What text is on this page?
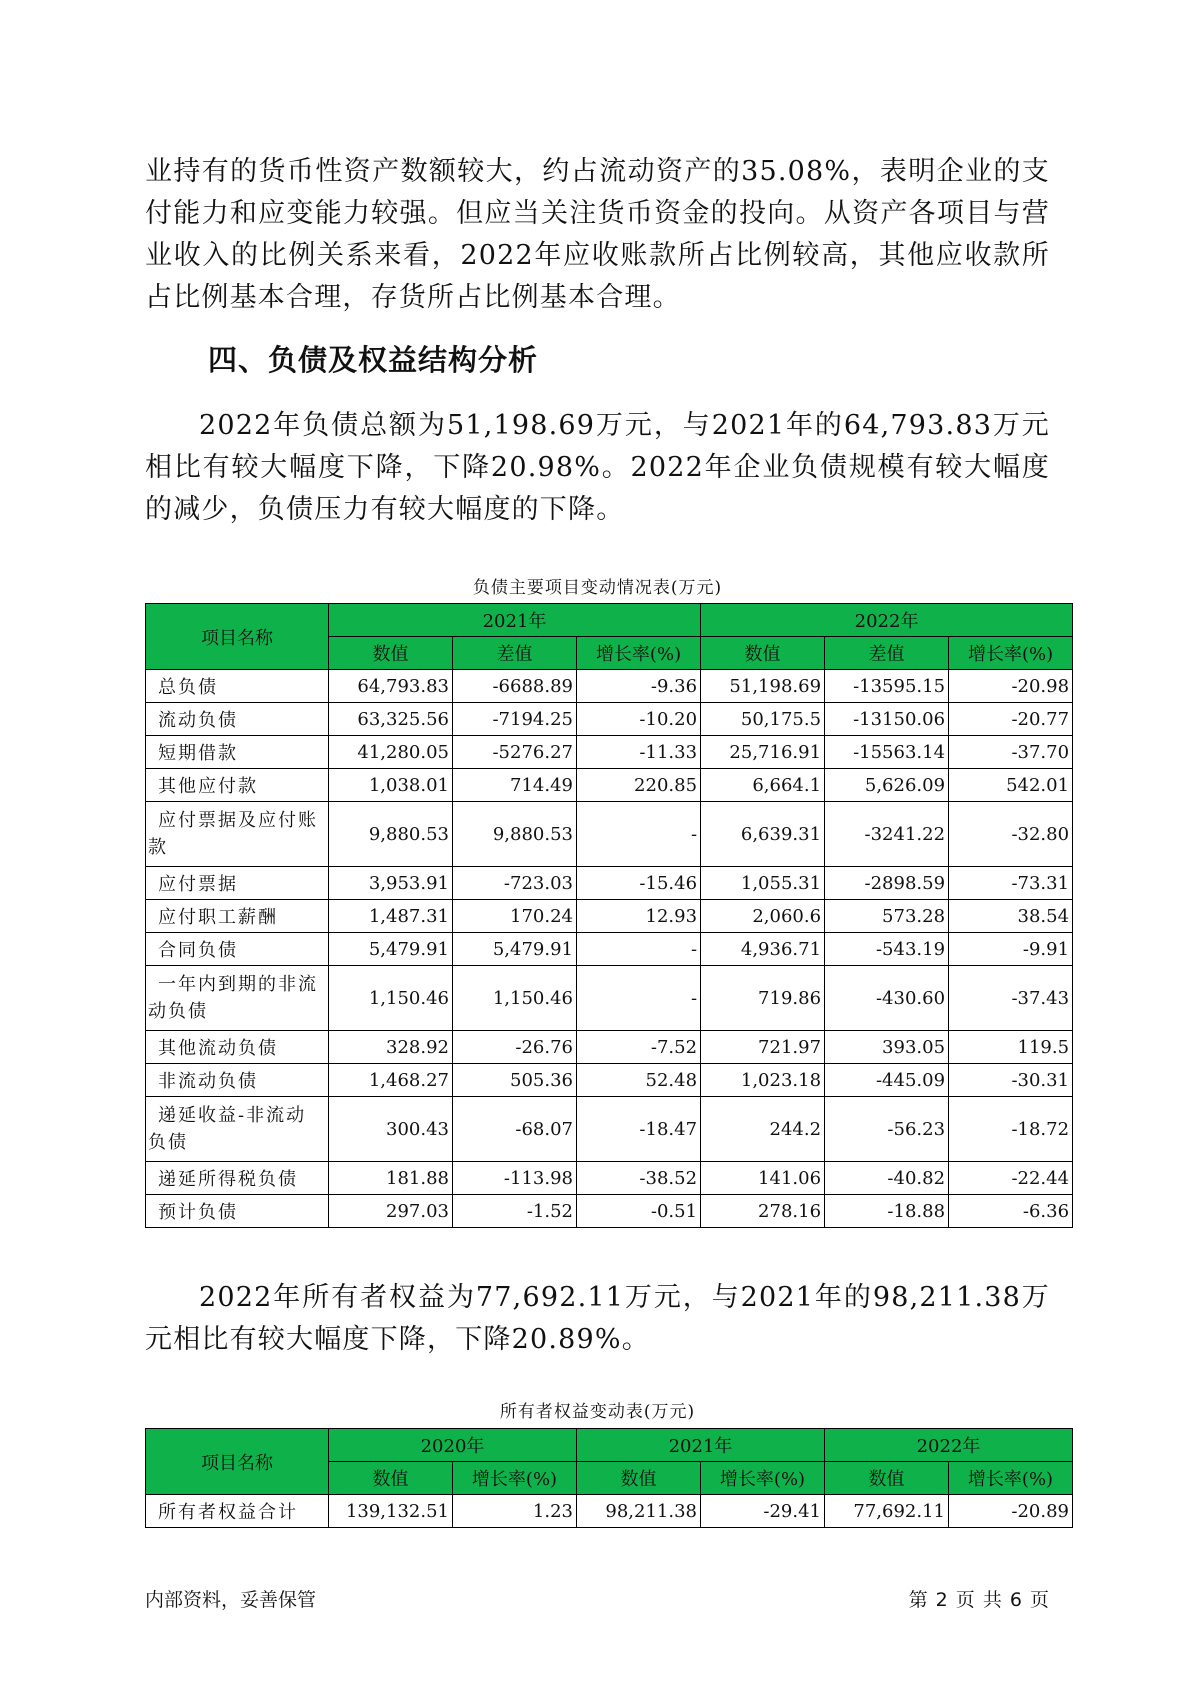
业持有的货币性资产数额较大，约占流动资产的35.08%，表明企业的支付能力和应变能力较强。但应当关注货币资金的投向。从资产各项目与营业收入的比例关系来看，2022年应收账款所占比例较高，其他应收款所占比例基本合理，存货所占比例基本合理。

四、负债及权益结构分析

2022年负债总额为51,198.69万元，与2021年的64,793.83万元相比有较大幅度下降，下降20.98%。2022年企业负债规模有较大幅度的减少，负债压力有较大幅度的下降。

负债主要项目变动情况表(万元)
项目名称	2021年			2022年		
	数值	差值	增长率(%)	数值	差值	增长率(%)
总负债	64,793.83	-6688.89	-9.36	51,198.69	-13595.15	-20.98
流动负债	63,325.56	-7194.25	-10.20	50,175.5	-13150.06	-20.77
短期借款	41,280.05	-5276.27	-11.33	25,716.91	-15563.14	-37.70
其他应付款	1,038.01	714.49	220.85	6,664.1	5,626.09	542.01
应付票据及应付账款	9,880.53	9,880.53	-	6,639.31	-3241.22	-32.80
应付票据	3,953.91	-723.03	-15.46	1,055.31	-2898.59	-73.31
应付职工薪酬	1,487.31	170.24	12.93	2,060.6	573.28	38.54
合同负债	5,479.91	5,479.91	-	4,936.71	-543.19	-9.91
一年内到期的非流动负债	1,150.46	1,150.46	-	719.86	-430.60	-37.43
其他流动负债	328.92	-26.76	-7.52	721.97	393.05	119.5
非流动负债	1,468.27	505.36	52.48	1,023.18	-445.09	-30.31
递延收益-非流动负债	300.43	-68.07	-18.47	244.2	-56.23	-18.72
递延所得税负债	181.88	-113.98	-38.52	141.06	-40.82	-22.44
预计负债	297.03	-1.52	-0.51	278.16	-18.88	-6.36

2022年所有者权益为77,692.11万元，与2021年的98,211.38万元相比有较大幅度下降，下降20.89%。

所有者权益变动表(万元)
项目名称	2020年		2021年		2022年	
	数值	增长率(%)	数值	增长率(%)	数值	增长率(%)
所有者权益合计	139,132.51	1.23	98,211.38	-29.41	77,692.11	-20.89
内部资料，妥善保管	第 2 页 共 6 页
